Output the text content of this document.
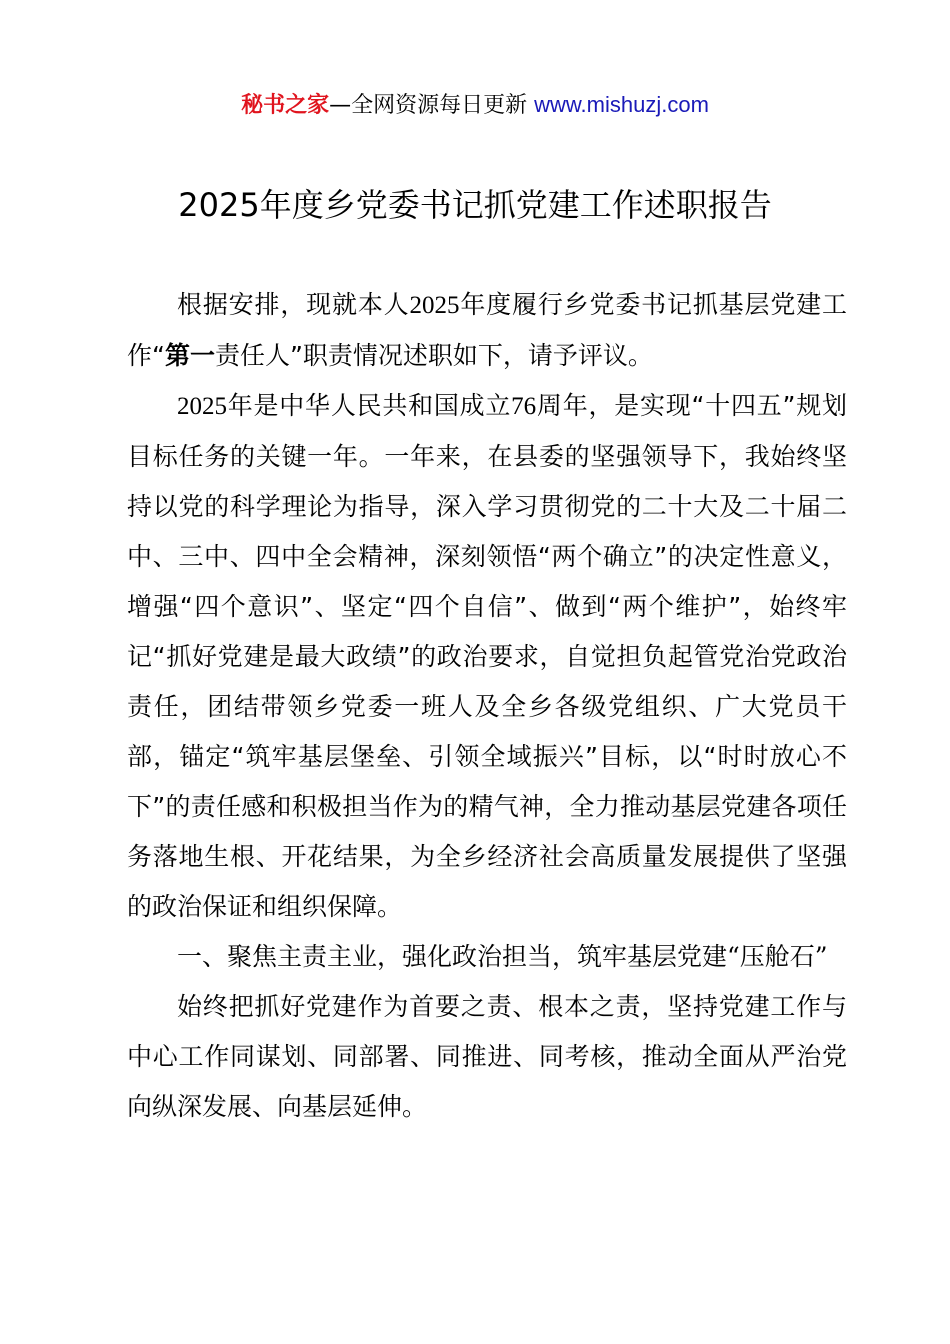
秘书之家—全网资源每日更新 www.mishuzj.com
2025年度乡党委书记抓党建工作述职报告

根据安排，现就本人2025年度履行乡党委书记抓基层党建工作“第一责任人”职责情况述职如下，请予评议。

2025年是中华人民共和国成立76周年，是实现“十四五”规划目标任务的关键一年。一年来，在县委的坚强领导下，我始终坚持以党的科学理论为指导，深入学习贯彻党的二十大及二十届二中、三中、四中全会精神，深刻领悟“两个确立”的决定性意义，增强“四个意识”、坚定“四个自信”、做到“两个维护”，始终牢记“抓好党建是最大政绩”的政治要求，自觉担负起管党治党政治责任，团结带领乡党委一班人及全乡各级党组织、广大党员干部，锚定“筑牢基层堡垒、引领全域振兴”目标，以“时时放心不下”的责任感和积极担当作为的精气神，全力推动基层党建各项任务落地生根、开花结果，为全乡经济社会高质量发展提供了坚强的政治保证和组织保障。

一、聚焦主责主业，强化政治担当，筑牢基层党建“压舱石”

始终把抓好党建作为首要之责、根本之责，坚持党建工作与中心工作同谋划、同部署、同推进、同考核，推动全面从严治党向纵深发展、向基层延伸。
